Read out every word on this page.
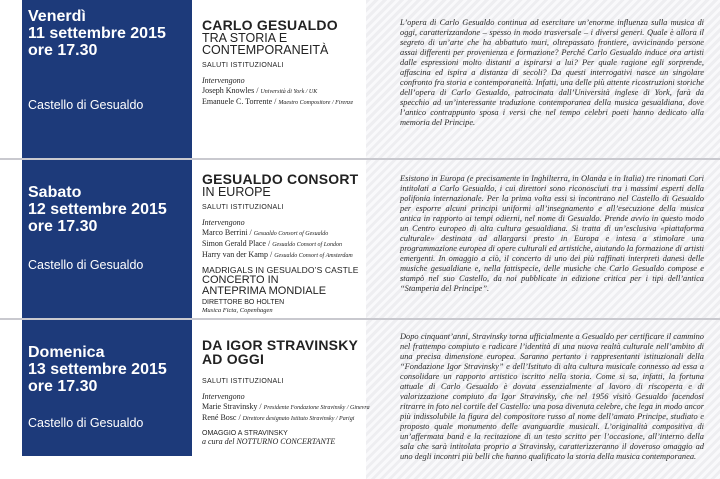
Venerdì
11 settembre 2015
ore 17.30
Castello di Gesualdo
CARLO GESUALDO
TRA STORIA E
CONTEMPORANEITÀ
SALUTI ISTITUZIONALI
Intervengono
Joseph Knowles / Università di York / UK
Emanuele C. Torrente / Maestro Compositore / Firenze
L’opera di Carlo Gesualdo continua ad esercitare un’enorme influenza sulla musica di oggi, caratterizzandone – spesso in modo trasversale – i diversi generi. Quale è allora il segreto di un’arte che ha abbattuto muri, oltrepassato frontiere, avvicinando persone assai differenti per provenienza e formazione? Perché Carlo Gesualdo induce ora artisti dalle espressioni molto distanti a ispirarsi a lui? Per quale ragione egli sorprende, affascina ed ispira a distanza di secoli? Da questi interrogativi nasce un singolare confronto fra storia e contemporaneità. Infatti, una delle più attente ricostruzioni storiche dell’opera di Carlo Gesualdo, patrocinata dall’Università inglese di York, farà da specchio ad un’interessante traduzione contemporanea della musica gesualdiana, dove l’antico contrappunto sposa i versi che nel tempo celebri poeti hanno dedicato alla memoria del Principe.
Sabato
12 settembre 2015
ore 17.30
Castello di Gesualdo
GESUALDO CONSORT
IN EUROPE
SALUTI ISTITUZIONALI
Intervengono
Marco Berrini / Gesualdo Consort of Gesualdo
Simon Gerald Place / Gesualdo Consort of London
Harry van der Kamp / Gesualdo Consort of Amsterdam
MADRIGALS IN GESUALDO’S CASTLE
CONCERTO IN
ANTEPRIMA MONDIALE
DIRETTORE BO HOLTEN
Musica Ficta, Copenhagen
Esistono in Europa (e precisamente in Inghilterra, in Olanda e in Italia) tre rinomati Cori intitolati a Carlo Gesualdo, i cui direttori sono riconosciuti tra i massimi esperti della polifonia internazionale. Per la prima volta essi si incontrano nel Castello di Gesualdo per esporre alcuni principi uniformi all’insegnamento e all’esecuzione della musica antica in rapporto ai tempi odierni, nel nome di Gesualdo. Prende avvio in questo modo un Centro europeo di alta cultura gesualdiana. Si tratta di un’esclusiva «piattaforma culturale» destinata ad allargarsi presto in Europa e intesa a stimolare una programmazione europea di opere culturali ed artistiche, aiutando la formazione di artisti emergenti. In omaggio a ciò, il concerto di uno dei più raffinati interpreti danesi delle musiche gesualdiane e, nella fattispecie, delle musiche che Carlo Gesualdo compose e stampò nel suo Castello, da noi pubblicate in edizione critica per i tipi dell’antica “Stamperia del Principe”.
Domenica
13 settembre 2015
ore 17.30
Castello di Gesualdo
DA IGOR STRAVINSKY
AD OGGI
SALUTI ISTITUZIONALI
Intervengono
Marie Stravinsky / Presidente Fondazione Stravinsky / Ginevra
René Bosc / Direttore designato Istituto Stravinsky / Parigi
OMAGGIO A STRAVINSKY
a cura del NOTTURNO CONCERTANTE
Dopo cinquant’anni, Stravinsky torna ufficialmente a Gesualdo per certificare il cammino nel frattempo compiuto e radicare l’identità di una nuova realtà culturale nell’ambito di una precisa dimensione europea. Saranno pertanto i rappresentanti istituzionali della “Fondazione Igor Stravinsky” e dell’Istituto di alta cultura musicale connesso ad essa a consolidare un rapporto artistico iscritto nella storia. Come si sa, infatti, la fortuna attuale di Carlo Gesualdo è dovuta essenzialmente al lavoro di riscoperta e di valorizzazione compiuto da Igor Stravinsky, che nel 1956 visitò Gesualdo facendosi ritrarre in foto nel cortile del Castello: una posa divenuta celebre, che lega in modo ancor più indissolubile la figura del compositore russo al nome dell’amato Principe, studiato e proposto quale monumento delle avanguardie musicali. L’originalità compositiva di un’affermata band e la recitazione di un testo scritto per l’occasione, all’interno della sala che sarà intitolata proprio a Stravinsky, caratterizzeranno il doveroso omaggio ad uno degli incontri più belli che hanno qualificato la storia della musica contemporanea.
